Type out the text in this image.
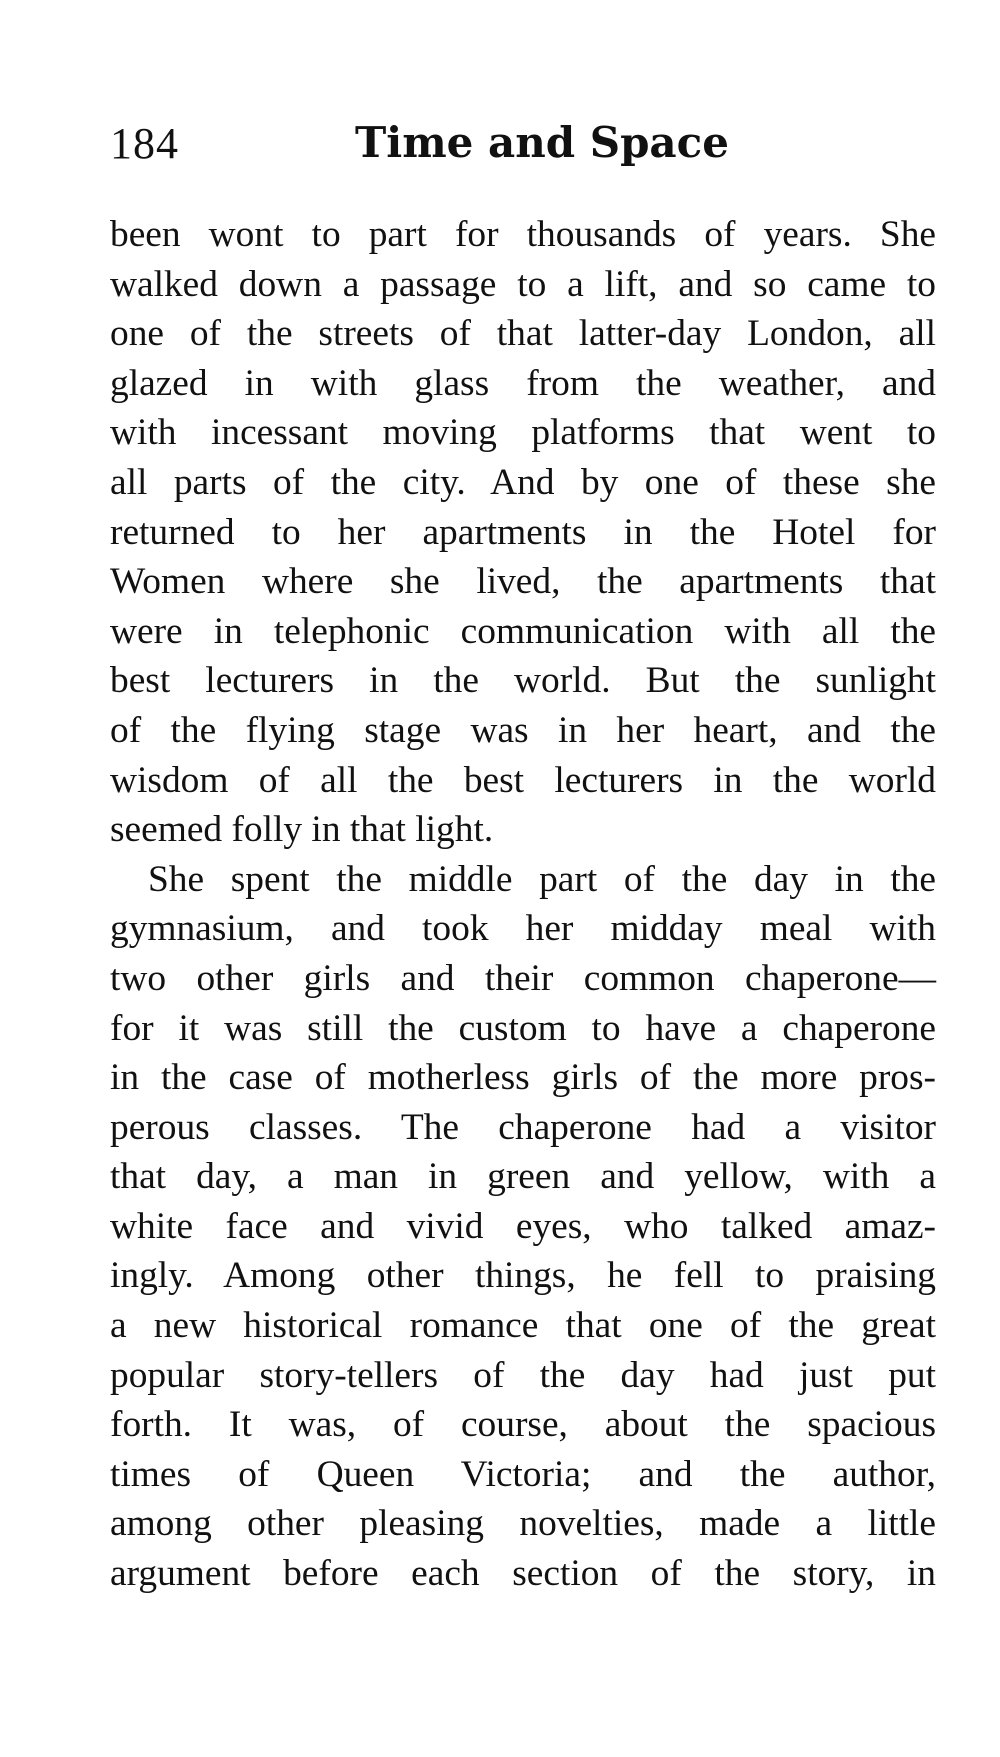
184	Time and Space
been wont to part for thousands of years. She
walked down a passage to a lift, and so came to
one of the streets of that latter-day London, all
glazed in with glass from the weather, and
with incessant moving platforms that went to
all parts of the city. And by one of these she
returned to her apartments in the Hotel for
Women where she lived, the apartments that
were in telephonic communication with all the
best lecturers in the world. But the sunlight
of the flying stage was in her heart, and the
wisdom of all the best lecturers in the world
seemed folly in that light.
She spent the middle part of the day in the
gymnasium, and took her midday meal with
two other girls and their common chaperone—
for it was still the custom to have a chaperone
in the case of motherless girls of the more pros-
perous classes. The chaperone had a visitor
that day, a man in green and yellow, with a
white face and vivid eyes, who talked amaz-
ingly. Among other things, he fell to praising
a new historical romance that one of the great
popular story-tellers of the day had just put
forth. It was, of course, about the spacious
times of Queen Victoria; and the author,
among other pleasing novelties, made a little
argument before each section of the story, in
